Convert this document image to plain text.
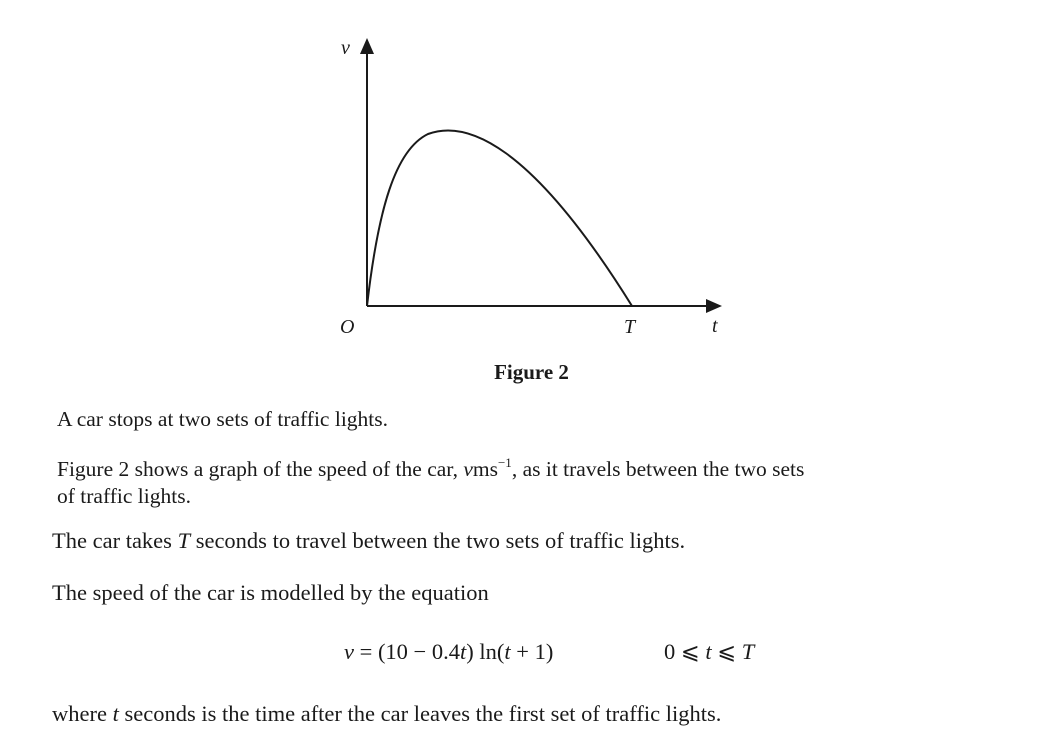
v
t
O	T
Figure 2
A car stops at two sets of traffic lights.
Figure 2 shows a graph of the speed of the car, vms$^{-1}$, as it travels between the two sets
of traffic lights.
The car takes T seconds to travel between the two sets of traffic lights.
The speed of the car is modelled by the equation
v = (10 − 0.4t) ln(t + 1)	0 ⩽ t ⩽ T
where t seconds is the time after the car leaves the first set of traffic lights.
